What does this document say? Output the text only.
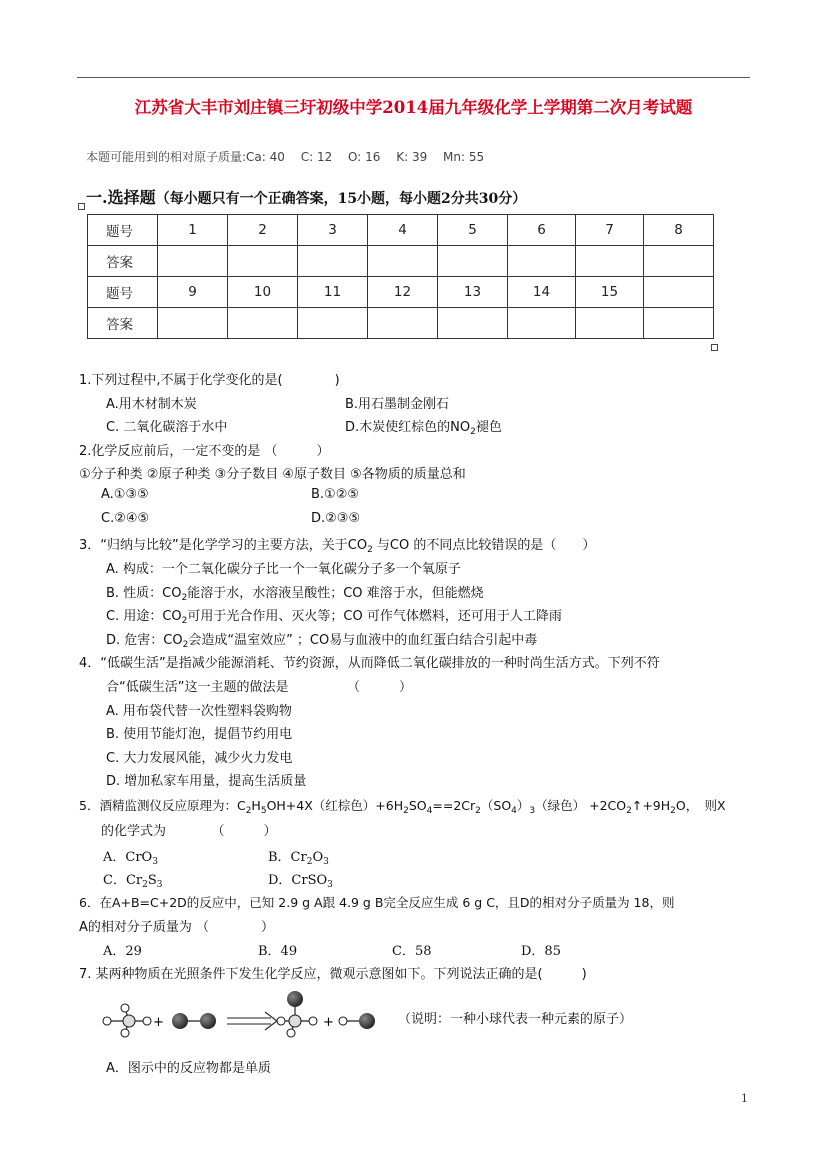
江苏省大丰市刘庄镇三圩初级中学2014届九年级化学上学期第二次月考试题
本题可能用到的相对原子质量:Ca: 40　 C: 12　 O: 16　 K: 39　 Mn: 55
一.选择题（每小题只有一个正确答案，15小题，每小题2分共30分）
题号	1	2	3	4	5	6	7	8
答案								
题号	9	10	11	12	13	14	15	
答案								
1.下列过程中,不属于化学变化的是(　　　　)
A.用木材制木炭	B.用石墨制金刚石
C. 二氧化碳溶于水中	D.木炭使红棕色的$NO_2$褪色
2.化学反应前后，一定不变的是 （　　　）
①分子种类 ②原子种类 ③分子数目 ④原子数目 ⑤各物质的质量总和
A.①③⑤	B.①②⑤
C.②④⑤	D.②③⑤
3．“归纳与比较”是化学学习的主要方法，关于$CO_2$ 与CO 的不同点比较错误的是（　　）
A. 构成：一个二氧化碳分子比一个一氧化碳分子多一个氧原子
B. 性质：$CO_2$能溶于水，水溶液呈酸性；CO 难溶于水，但能燃烧
C. 用途：$CO_2$可用于光合作用、灭火等；CO 可作气体燃料，还可用于人工降雨
D. 危害：$CO_2$会造成“温室效应” ；CO易与血液中的血红蛋白结合引起中毒
4．“低碳生活”是指减少能源消耗、节约资源，从而降低二氧化碳排放的一种时尚生活方式。下列不符
合“低碳生活”这一主题的做法是　　　　　（　　　）
A. 用布袋代替一次性塑料袋购物
B. 使用节能灯泡，提倡节约用电
C. 大力发展风能，减少火力发电
D. 增加私家车用量，提高生活质量
5．酒精监测仪反应原理为：$C_2H_5OH+4X$（红棕色）$+6H_2SO_4==2Cr_2(SO_4)_3$（绿色） $+2CO_2↑+9H_2O$，　则X
的化学式为　　　　（　　　）
A．CrO$_3$	B．$Cr_2O_3$
C．$Cr_2S_3$	D．CrSO$_3$
6．在A+B=C+2D的反应中，已知 2.9 g A跟 4.9 g B完全反应生成 6 g C，且D的相对分子质量为 18，则
A的相对分子质量为 （　　　　）
A．29	B．49	C．58	D．85
7. 某两种物质在光照条件下发生化学反应，微观示意图如下。下列说法正确的是(　　　)
+	+	（说明：一种小球代表一种元素的原子）
A．图示中的反应物都是单质
1
